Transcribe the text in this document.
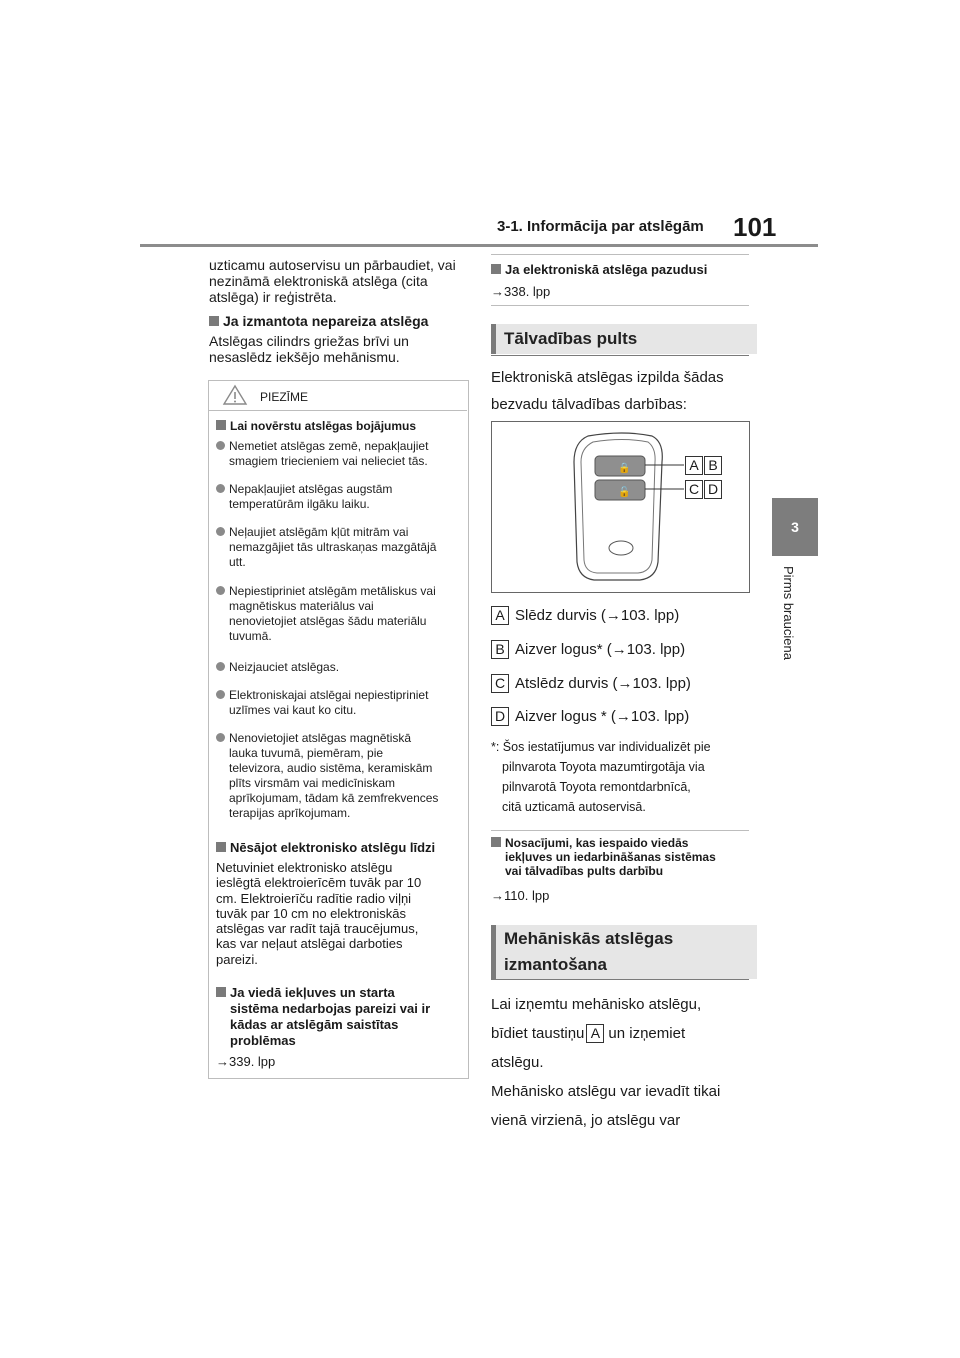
3-1. Informācija par atslēgām 101
3
Pirms brauciena
uzticamu autoservisu un pārbaudiet, vai
nezināmā elektroniskā atslēga (cita
atslēga) ir reģistrēta.
Ja izmantota nepareiza atslēga
Atslēgas cilindrs griežas brīvi un
nesaslēdz iekšējo mehānismu.
PIEZĪME
Lai novērstu atslēgas bojājumus
Nemetiet atslēgas zemē, nepakļaujiet
smagiem triecieniem vai nelieciet tās.
Nepakļaujiet atslēgas augstām
temperatūrām ilgāku laiku.
Neļaujiet atslēgām kļūt mitrām vai
nemazgājiet tās ultraskaņas mazgātājā
utt.
Nepiestipriniet atslēgām metāliskus vai
magnētiskus materiālus vai
nenovietojiet atslēgas šādu materiālu
tuvumā.
Neizjauciet atslēgas.
Elektroniskajai atslēgai nepiestipriniet
uzlīmes vai kaut ko citu.
Nenovietojiet atslēgas magnētiskā
lauka tuvumā, piemēram, pie
televizora, audio sistēma, keramiskām
plīts virsmām vai medicīniskam
aprīkojumam, tādam kā zemfrekvences
terapijas aprīkojumam.
Nēsājot elektronisko atslēgu līdzi
Netuviniet elektronisko atslēgu
ieslēgtā elektroierīcēm tuvāk par 10
cm. Elektroierīču radītie radio viļņi
tuvāk par 10 cm no elektroniskās
atslēgas var radīt tajā traucējumus,
kas var neļaut atslēgai darboties
pareizi.
Ja viedā iekļuves un starta
sistēma nedarbojas pareizi vai ir
kādas ar atslēgām saistītas
problēmas
→339. lpp
Ja elektroniskā atslēga pazudusi
→338. lpp
Tālvadības pults
Elektroniskā atslēgas izpilda šādas
bezvadu tālvadības darbības:
🔒
🔓
A B
C D
A Slēdz durvis (→103. lpp)
B Aizver logus* (→103. lpp)
C Atslēdz durvis (→103. lpp)
D Aizver logus * (→103. lpp)
*: Šos iestatījumus var individualizēt pie
pilnvarota Toyota mazumtirgotāja via
pilnvarotā Toyota remontdarbnīcā,
citā uzticamā autoservisā.
Nosacījumi, kas iespaido viedās
iekļuves un iedarbināšanas sistēmas
vai tālvadības pults darbību
→110. lpp
Mehāniskās atslēgas
izmantošana
Lai izņemtu mehānisko atslēgu,
bīdiet taustiņu A un izņemiet
atslēgu.
Mehānisko atslēgu var ievadīt tikai
vienā virzienā, jo atslēgu var
